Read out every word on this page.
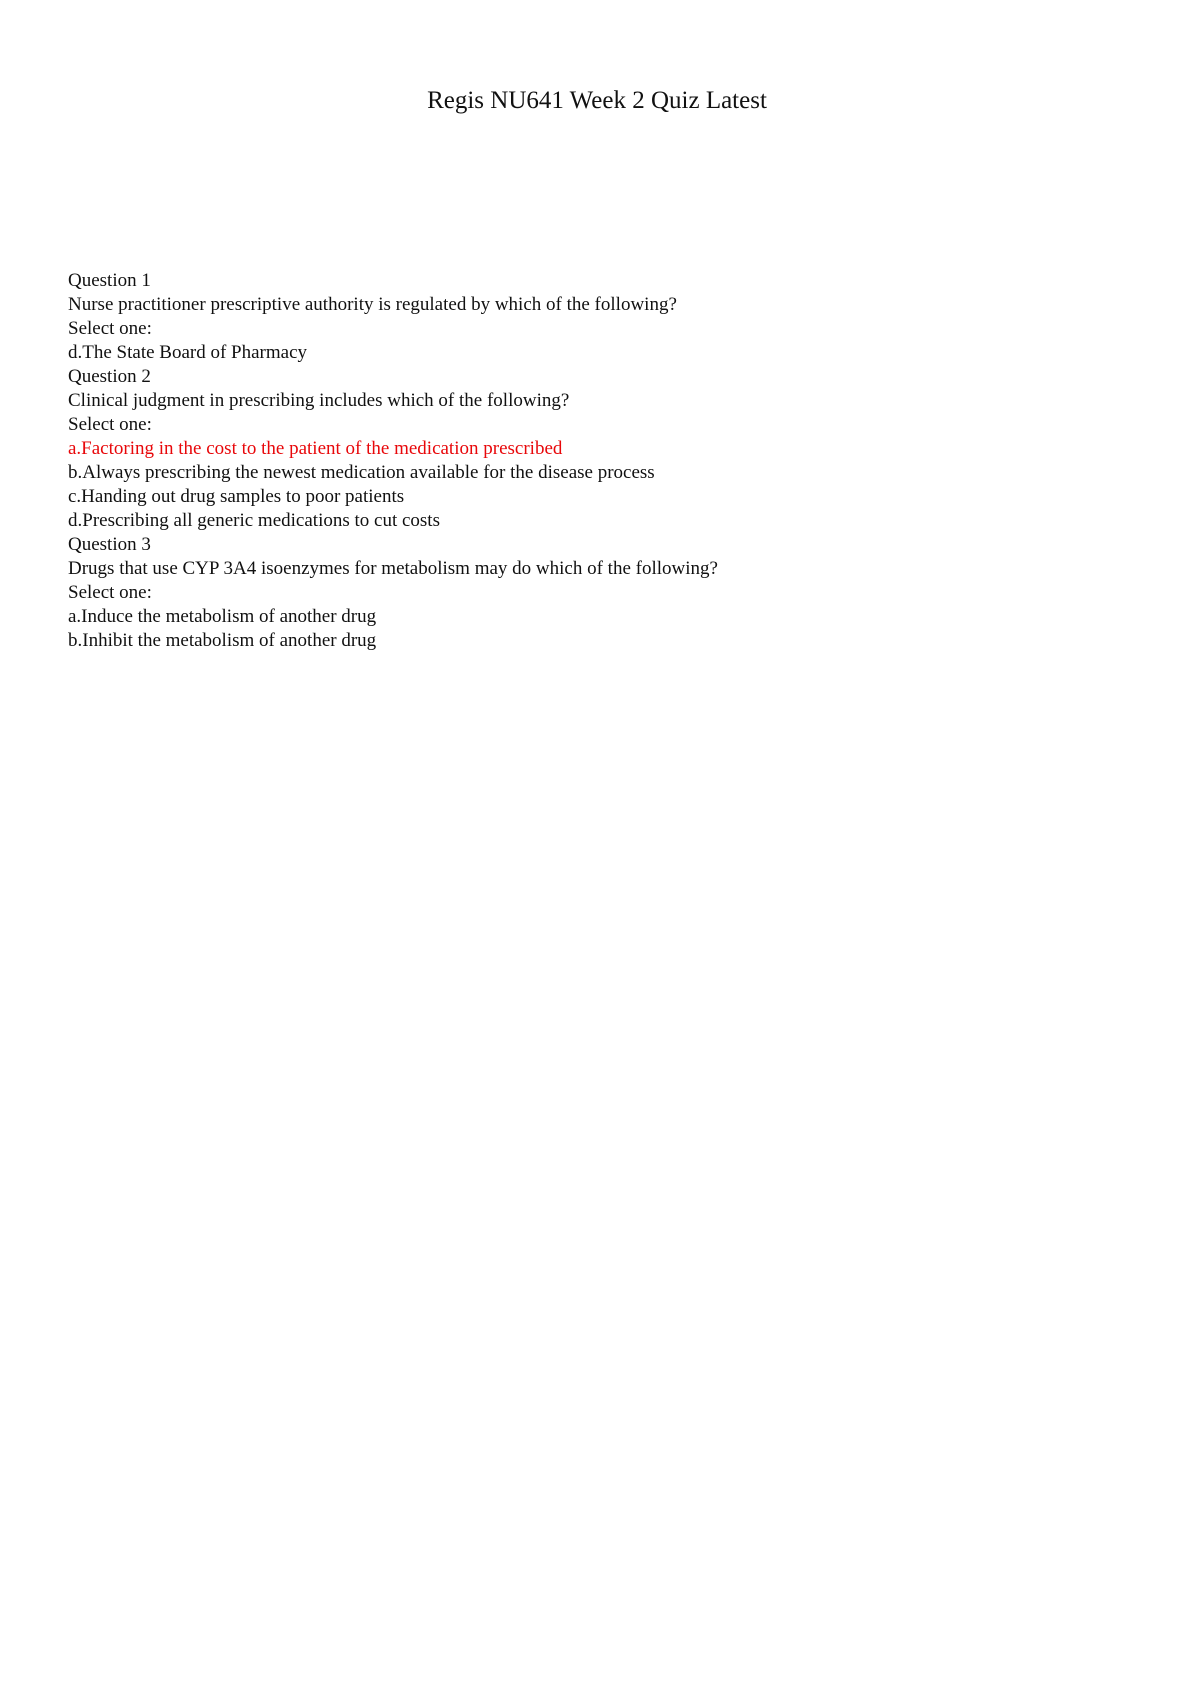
Regis NU641 Week 2 Quiz Latest
Question 1
Nurse practitioner prescriptive authority is regulated by which of the following?
Select one:
d.The State Board of Pharmacy
Question 2
Clinical judgment in prescribing includes which of the following?
Select one:
a.Factoring in the cost to the patient of the medication prescribed
b.Always prescribing the newest medication available for the disease process
c.Handing out drug samples to poor patients
d.Prescribing all generic medications to cut costs
Question 3
Drugs that use CYP 3A4 isoenzymes for metabolism may do which of the following?
Select one:
a.Induce the metabolism of another drug
b.Inhibit the metabolism of another drug
